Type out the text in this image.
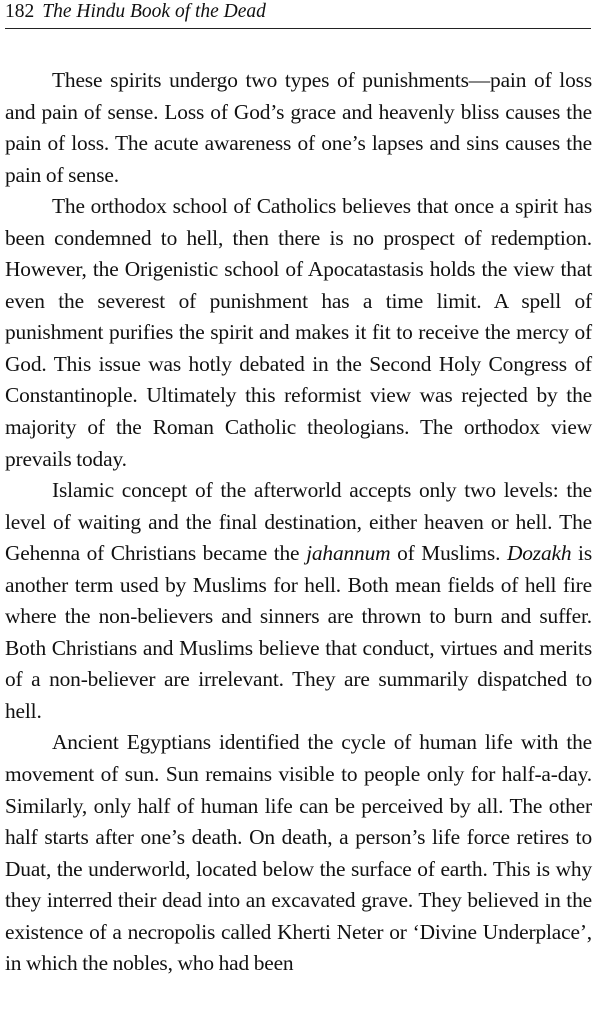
182 The Hindu Book of the Dead

These spirits undergo two types of punishments—pain of loss and pain of sense. Loss of God’s grace and heavenly bliss causes the pain of loss. The acute awareness of one’s lapses and sins causes the pain of sense.

The orthodox school of Catholics believes that once a spirit has been condemned to hell, then there is no prospect of redemption. However, the Origenistic school of Apocatastasis holds the view that even the severest of punishment has a time limit. A spell of punishment purifies the spirit and makes it fit to receive the mercy of God. This issue was hotly debated in the Second Holy Congress of Constantinople. Ultimately this reformist view was rejected by the majority of the Roman Catholic theologians. The orthodox view prevails today.

Islamic concept of the afterworld accepts only two levels: the level of waiting and the final destination, either heaven or hell. The Gehenna of Christians became the jahannum of Muslims. Dozakh is another term used by Muslims for hell. Both mean fields of hell fire where the non-believers and sinners are thrown to burn and suffer. Both Christians and Muslims believe that conduct, virtues and merits of a non-believer are irrelevant. They are summarily dispatched to hell.

Ancient Egyptians identified the cycle of human life with the movement of sun. Sun remains visible to people only for half-a-day. Similarly, only half of human life can be perceived by all. The other half starts after one’s death. On death, a person’s life force retires to Duat, the underworld, located below the surface of earth. This is why they interred their dead into an excavated grave. They believed in the existence of a necropolis called Kherti Neter or ‘Divine Underplace’, in which the nobles, who had been
